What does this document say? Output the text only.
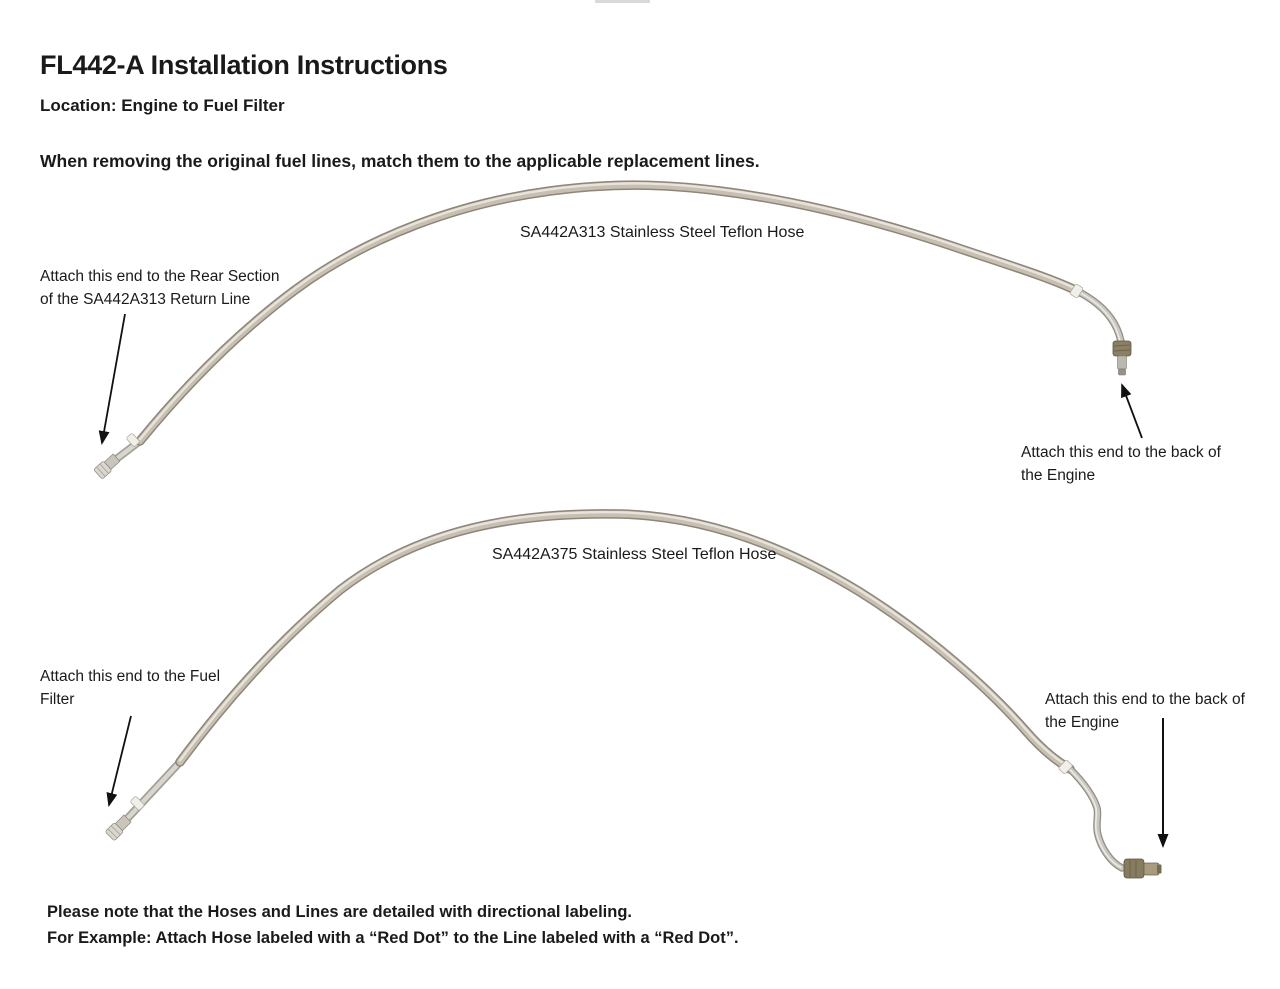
FL442-A Installation Instructions
Location: Engine to Fuel Filter
When removing the original fuel lines, match them to the applicable replacement lines.
SA442A313 Stainless Steel Teflon Hose
SA442A375 Stainless Steel Teflon Hose
Attach this end to the Rear Section
of the SA442A313 Return Line
Attach this end to the back of
the Engine
Attach this end to the Fuel
Filter	Attach this end to the back of
the Engine
Please note that the Hoses and Lines are detailed with directional labeling.
For Example: Attach Hose labeled with a “Red Dot” to the Line labeled with a “Red Dot”.
